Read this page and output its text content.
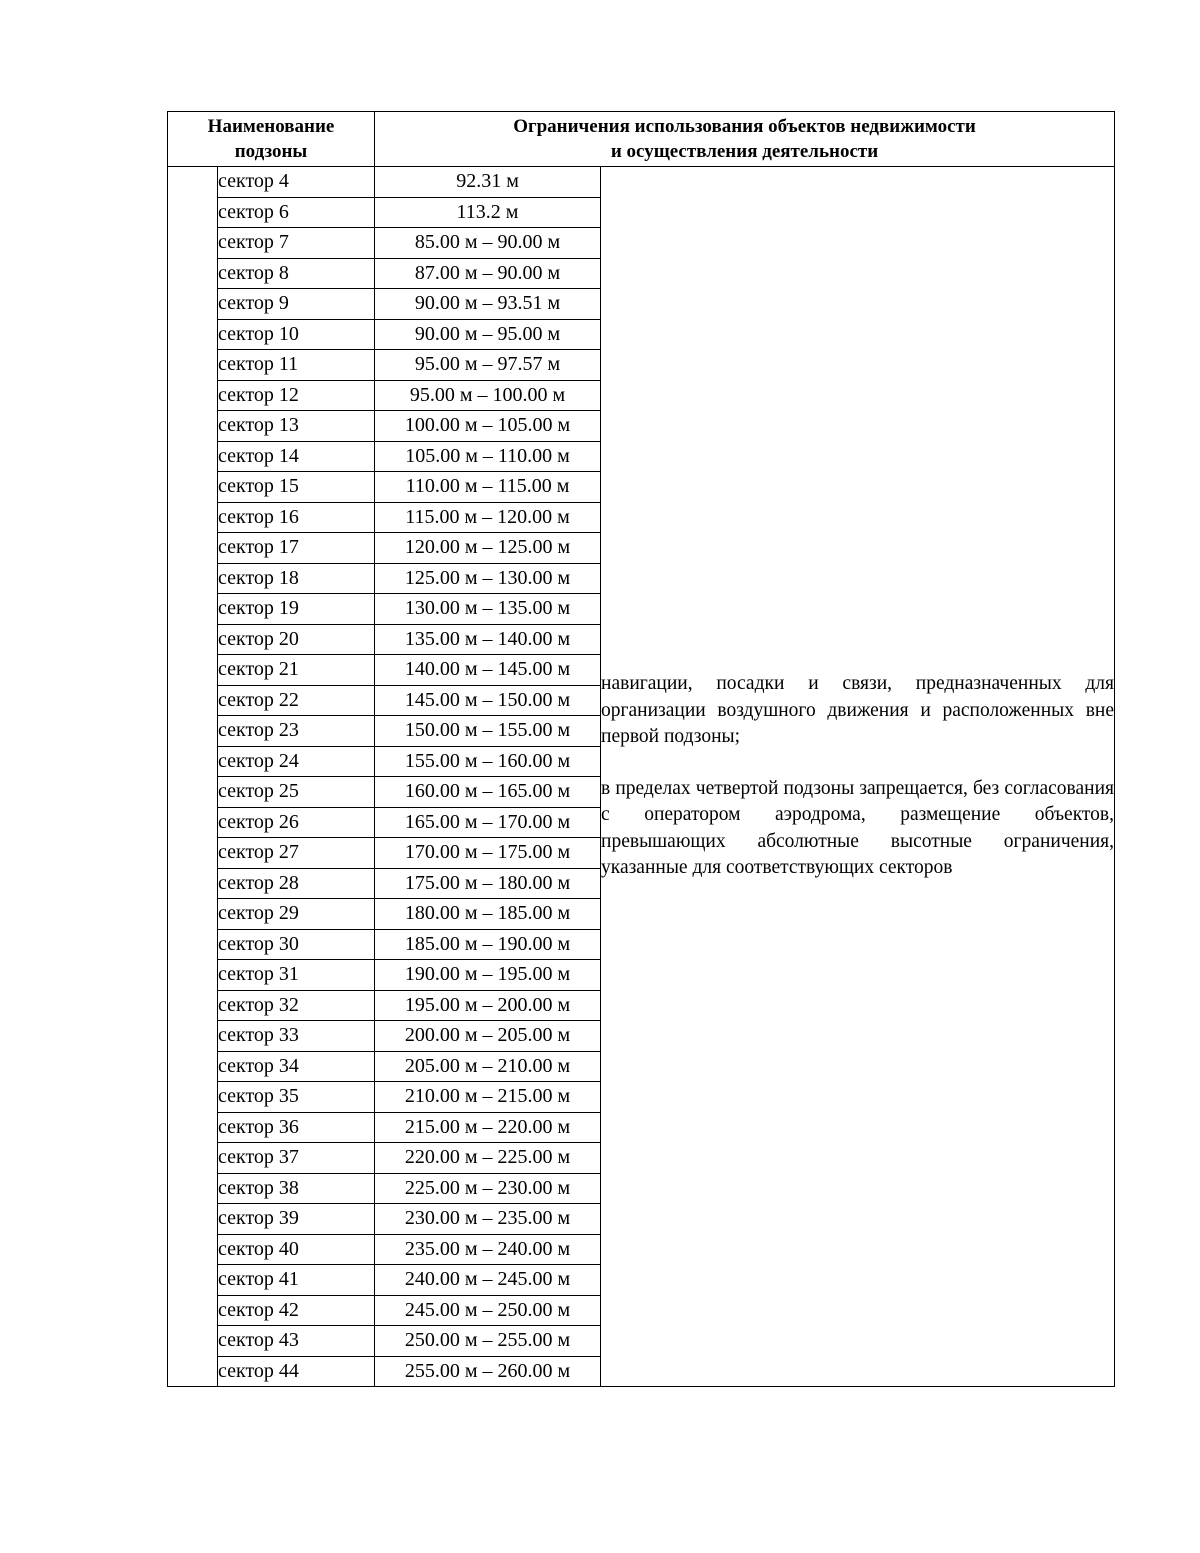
Наименование
подзоны		Ограничения использования объектов недвижимости
и осуществления деятельности	
	сектор 4	92.31 м	навигации, посадки и связи, предназначенных для организации воздушного движения и расположенных вне первой подзоны;

в пределах четвертой подзоны запрещается, без согласования с оператором аэродрома, размещение объектов, превышающих абсолютные высотные ограничения, указанные для соответствующих секторов

	сектор 6	113.2 м	
	сектор 7	85.00 м – 90.00 м	
	сектор 8	87.00 м – 90.00 м	
	сектор 9	90.00 м – 93.51 м	
	сектор 10	90.00 м – 95.00 м	
	сектор 11	95.00 м – 97.57 м	
	сектор 12	95.00 м – 100.00 м	
	сектор 13	100.00 м – 105.00 м	
	сектор 14	105.00 м – 110.00 м	
	сектор 15	110.00 м – 115.00 м	
	сектор 16	115.00 м – 120.00 м	
	сектор 17	120.00 м – 125.00 м	
	сектор 18	125.00 м – 130.00 м	
	сектор 19	130.00 м – 135.00 м	
	сектор 20	135.00 м – 140.00 м	
	сектор 21	140.00 м – 145.00 м	
	сектор 22	145.00 м – 150.00 м	
	сектор 23	150.00 м – 155.00 м	
	сектор 24	155.00 м – 160.00 м	
	сектор 25	160.00 м – 165.00 м	
	сектор 26	165.00 м – 170.00 м	
	сектор 27	170.00 м – 175.00 м	
	сектор 28	175.00 м – 180.00 м	
	сектор 29	180.00 м – 185.00 м	
	сектор 30	185.00 м – 190.00 м	
	сектор 31	190.00 м – 195.00 м	
	сектор 32	195.00 м – 200.00 м	
	сектор 33	200.00 м – 205.00 м	
	сектор 34	205.00 м – 210.00 м	
	сектор 35	210.00 м – 215.00 м	
	сектор 36	215.00 м – 220.00 м	
	сектор 37	220.00 м – 225.00 м	
	сектор 38	225.00 м – 230.00 м	
	сектор 39	230.00 м – 235.00 м	
	сектор 40	235.00 м – 240.00 м	
	сектор 41	240.00 м – 245.00 м	
	сектор 42	245.00 м – 250.00 м	
	сектор 43	250.00 м – 255.00 м	
	сектор 44	255.00 м – 260.00 м	
